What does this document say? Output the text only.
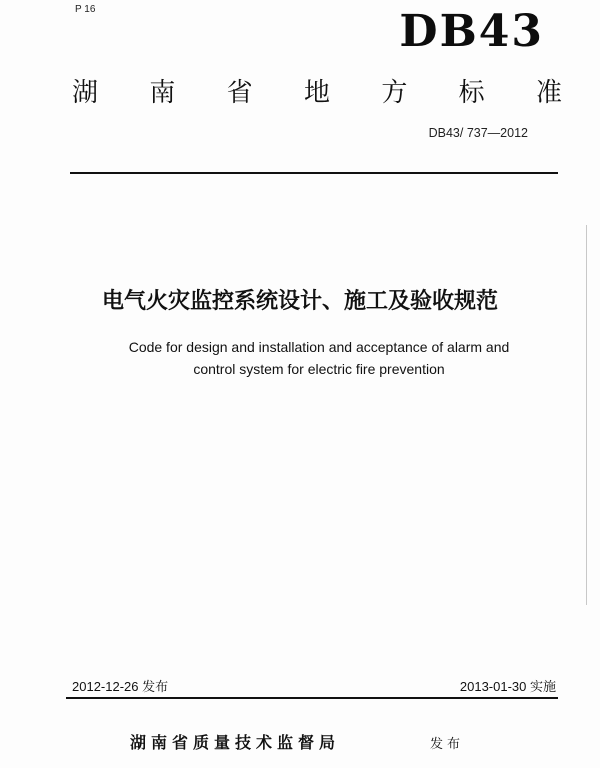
P 16	DB43
湖 南 省 地 方 标 准
DB43/ 737—2012
电气火灾监控系统设计、施工及验收规范
Code for design and installation and acceptance of alarm and
control system for electric fire prevention
2012-12-26 发布	2013-01-30 实施
湖南省质量技术监督局	发布
